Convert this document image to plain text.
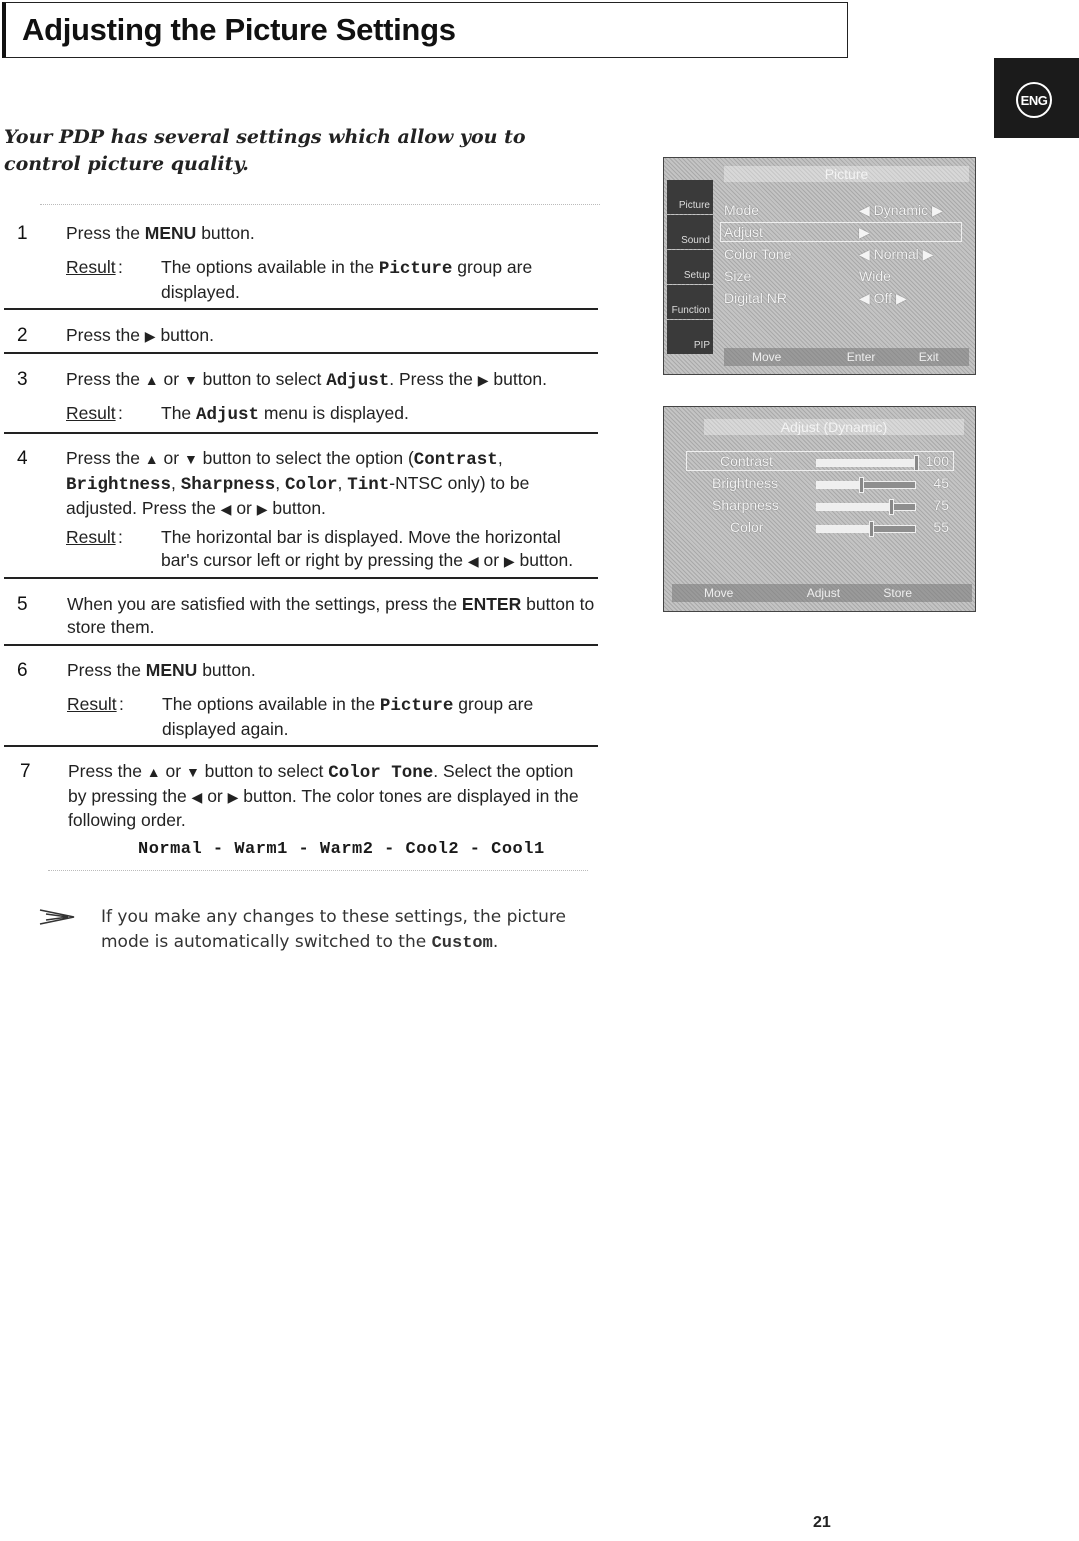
Adjusting the Picture Settings
ENG
Your PDP has several settings which allow you to control picture quality.
1 Press the MENU button.
Result : The options available in the Picture group are displayed.
2 Press the ▶ button.
3 Press the ▲ or ▼ button to select Adjust. Press the ▶ button.
Result : The Adjust menu is displayed.
4 Press the ▲ or ▼ button to select the option (Contrast, Brightness, Sharpness, Color, Tint-NTSC only) to be adjusted. Press the ◀ or ▶ button.
Result : The horizontal bar is displayed. Move the horizontal bar's cursor left or right by pressing the ◀ or ▶ button.
5 When you are satisfied with the settings, press the ENTER button to store them.
6 Press the MENU button.
Result : The options available in the Picture group are displayed again.
7 Press the ▲ or ▼ button to select Color Tone. Select the option by pressing the ◀ or ▶ button. The color tones are displayed in the following order.
Normal - Warm1 - Warm2 - Cool2 - Cool1
If you make any changes to these settings, the picture mode is automatically switched to the Custom.
Picture
Picture
Sound
Setup
Function
PIP
Mode	◀ Dynamic ▶
Adjust	▶
Color Tone	◀ Normal ▶
Size	Wide
Digital NR	◀ Off ▶
Move	Enter	Exit
Adjust (Dynamic)
Contrast	100
Brightness	45
Sharpness	75
Color	55
Move	Adjust	Store
21
